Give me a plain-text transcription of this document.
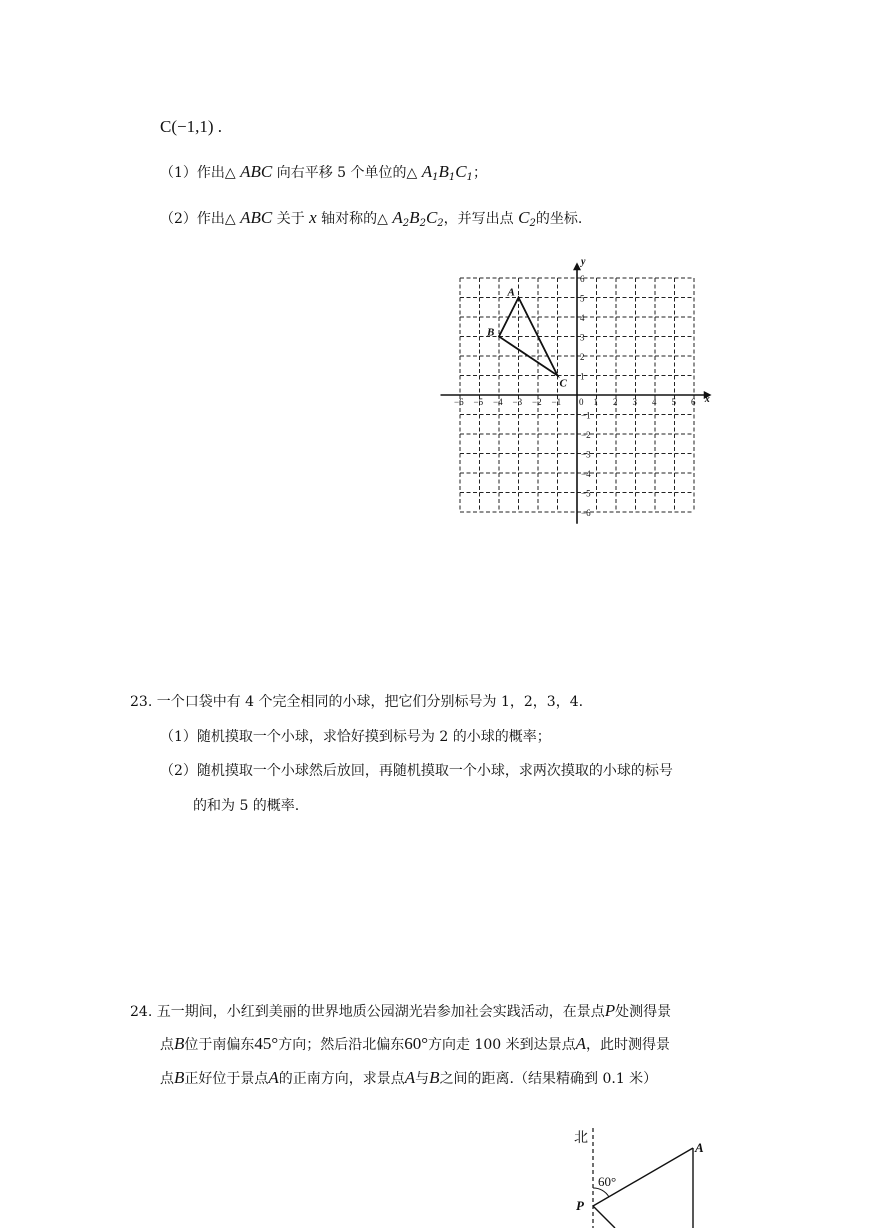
C(−1,1) .
（1）作出△ ABC 向右平移 5 个单位的△ $A_1B_1C_1$；
（2）作出△ ABC 关于 x 轴对称的△ $A_2B_2C_2$，并写出点 $C_2$的坐标.
x
y
0
−6 −5 −4 −3 −2 −1	1 2 3 4 5 6
6
5
4
3
2
1
−1
−2
−3
−4
−5
−6
A
B
C
23. 一个口袋中有 4 个完全相同的小球，把它们分别标号为 1，2，3，4.
（1）随机摸取一个小球，求恰好摸到标号为 2 的小球的概率；
（2）随机摸取一个小球然后放回，再随机摸取一个小球，求两次摸取的小球的标号
的和为 5 的概率.
24. 五一期间，小红到美丽的世界地质公园湖光岩参加社会实践活动，在景点P处测得景
点B位于南偏东45°方向；然后沿北偏东60°方向走 100 米到达景点A，此时测得景
点B正好位于景点A的正南方向，求景点A与B之间的距离.（结果精确到 0.1 米）
北
60°
A
P
